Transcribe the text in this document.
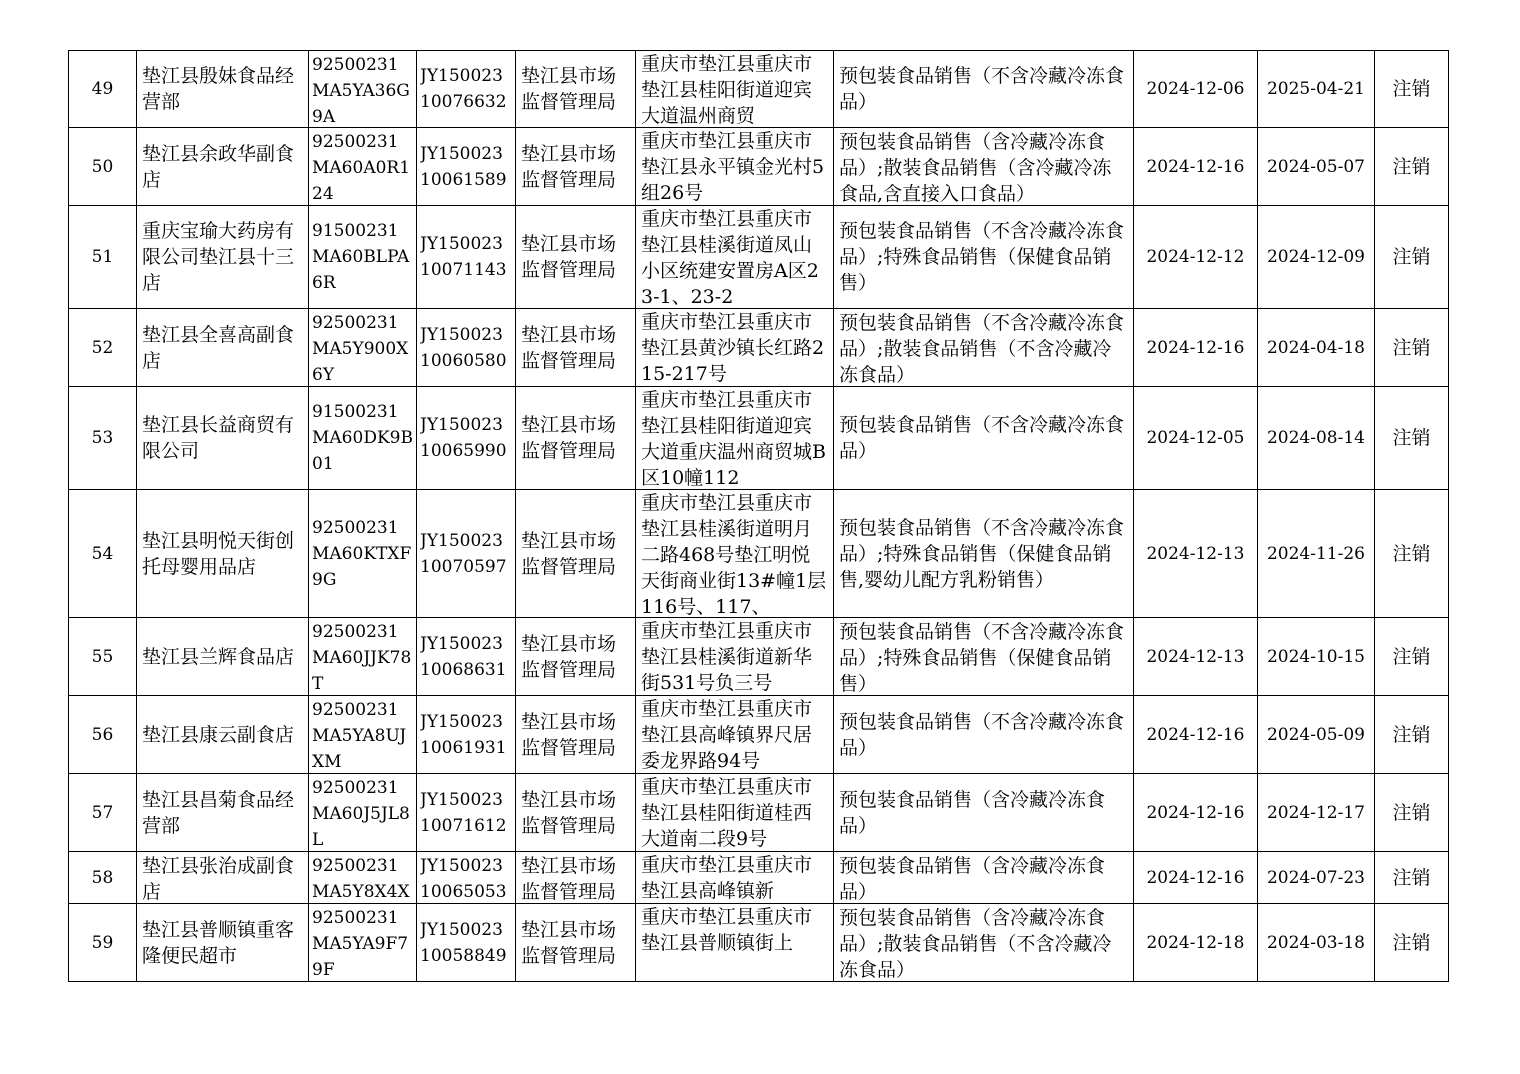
49	垫江县殷妹食品经营部	92500231MA5YA36G9A	JY15002310076632	垫江县市场监督管理局	重庆市垫江县重庆市垫江县桂阳街道迎宾大道温州商贸	预包装食品销售（不含冷藏冷冻食品）	2024-12-06	2025-04-21	注销

50	垫江县余政华副食店	92500231MA60A0R124	JY15002310061589	垫江县市场监督管理局	重庆市垫江县重庆市垫江县永平镇金光村5组26号	预包装食品销售（含冷藏冷冻食品）;散装食品销售（含冷藏冷冻食品,含直接入口食品）	2024-12-16	2024-05-07	注销

51	重庆宝瑜大药房有限公司垫江县十三店	91500231MA60BLPA6R	JY15002310071143	垫江县市场监督管理局	重庆市垫江县重庆市垫江县桂溪街道凤山小区统建安置房A区23-1、23-2	预包装食品销售（不含冷藏冷冻食品）;特殊食品销售（保健食品销售）	2024-12-12	2024-12-09	注销

52	垫江县全喜高副食店	92500231MA5Y900X6Y	JY15002310060580	垫江县市场监督管理局	重庆市垫江县重庆市垫江县黄沙镇长红路215-217号	预包装食品销售（不含冷藏冷冻食品）;散装食品销售（不含冷藏冷冻食品）	2024-12-16	2024-04-18	注销

53	垫江县长益商贸有限公司	91500231MA60DK9B01	JY15002310065990	垫江县市场监督管理局	重庆市垫江县重庆市垫江县桂阳街道迎宾大道重庆温州商贸城B区10幢112	预包装食品销售（不含冷藏冷冻食品）	2024-12-05	2024-08-14	注销

54	垫江县明悦天街创托母婴用品店	92500231MA60KTXF9G	JY15002310070597	垫江县市场监督管理局	重庆市垫江县重庆市垫江县桂溪街道明月二路468号垫江明悦天街商业街13#幢1层116号、117、	预包装食品销售（不含冷藏冷冻食品）;特殊食品销售（保健食品销售,婴幼儿配方乳粉销售）	2024-12-13	2024-11-26	注销

55	垫江县兰辉食品店	92500231MA60JJK78T	JY15002310068631	垫江县市场监督管理局	重庆市垫江县重庆市垫江县桂溪街道新华街531号负三号	预包装食品销售（不含冷藏冷冻食品）;特殊食品销售（保健食品销售）	2024-12-13	2024-10-15	注销

56	垫江县康云副食店	92500231MA5YA8UJXM	JY15002310061931	垫江县市场监督管理局	重庆市垫江县重庆市垫江县高峰镇界尺居委龙界路94号	预包装食品销售（不含冷藏冷冻食品）	2024-12-16	2024-05-09	注销

57	垫江县昌菊食品经营部	92500231MA60J5JL8L	JY15002310071612	垫江县市场监督管理局	重庆市垫江县重庆市垫江县桂阳街道桂西大道南二段9号	预包装食品销售（含冷藏冷冻食品）	2024-12-16	2024-12-17	注销

58	垫江县张治成副食店	92500231MA5Y8X4X	JY15002310065053	垫江县市场监督管理局	重庆市垫江县重庆市垫江县高峰镇新	预包装食品销售（含冷藏冷冻食品）	2024-12-16	2024-07-23	注销

59	垫江县普顺镇重客隆便民超市	92500231MA5YA9F79F	JY15002310058849	垫江县市场监督管理局	重庆市垫江县重庆市垫江县普顺镇街上	预包装食品销售（含冷藏冷冻食品）;散装食品销售（不含冷藏冷冻食品）	2024-12-18	2024-03-18	注销
